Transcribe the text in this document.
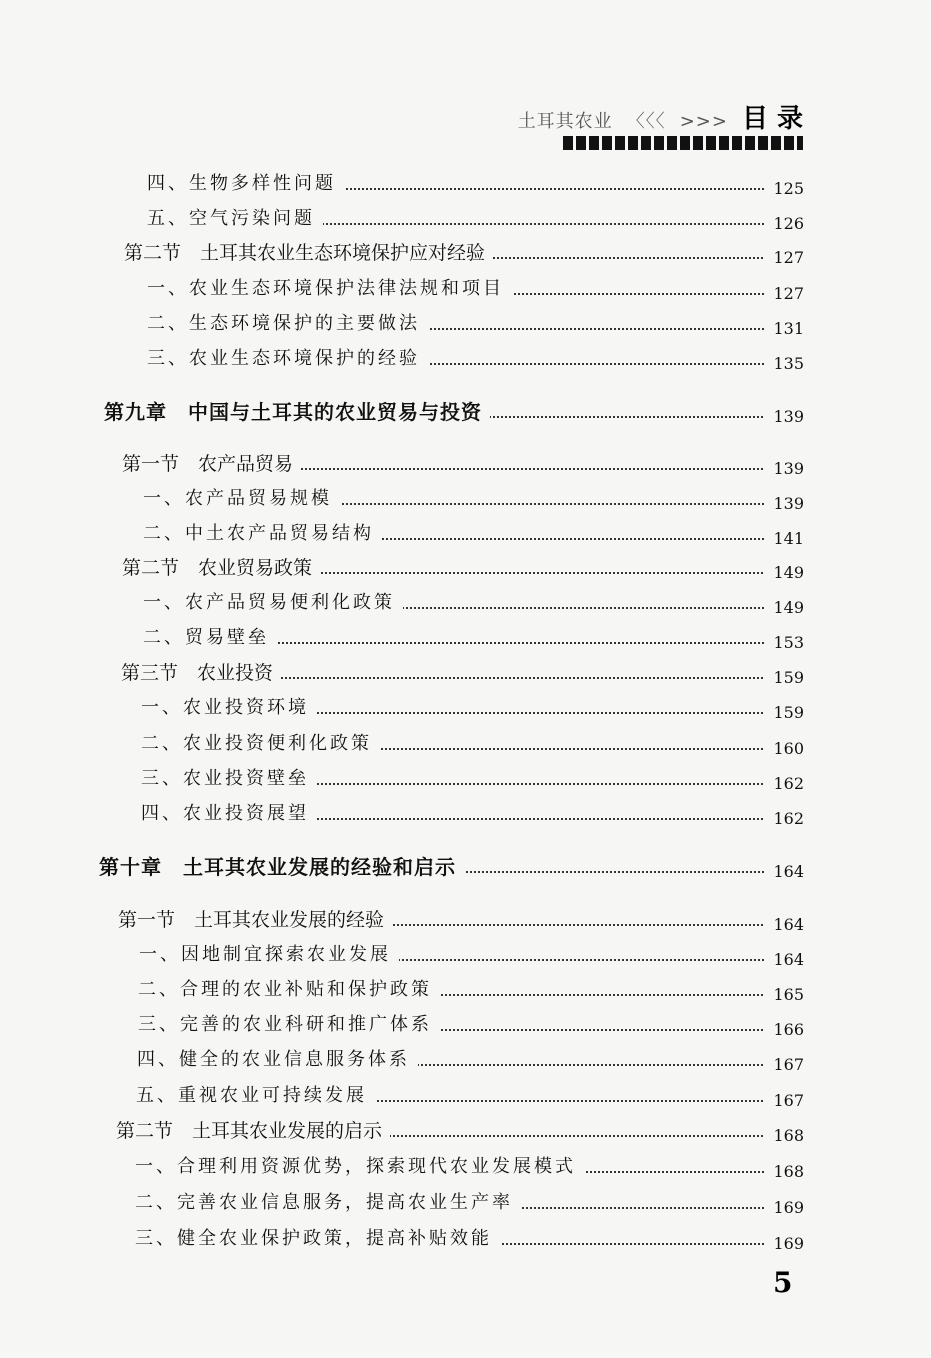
土耳其农业 〈〈〈 >>> 目 录
四、生物多样性问题	125
五、空气污染问题	126
第二节　土耳其农业生态环境保护应对经验	127
一、农业生态环境保护法律法规和项目	127
二、生态环境保护的主要做法	131
三、农业生态环境保护的经验	135
第九章　中国与土耳其的农业贸易与投资	139
第一节　农产品贸易	139
一、农产品贸易规模	139
二、中土农产品贸易结构	141
第二节　农业贸易政策	149
一、农产品贸易便利化政策	149
二、贸易壁垒	153
第三节　农业投资	159
一、农业投资环境	159
二、农业投资便利化政策	160
三、农业投资壁垒	162
四、农业投资展望	162
第十章　土耳其农业发展的经验和启示	164
第一节　土耳其农业发展的经验	164
一、因地制宜探索农业发展	164
二、合理的农业补贴和保护政策	165
三、完善的农业科研和推广体系	166
四、健全的农业信息服务体系	167
五、重视农业可持续发展	167
第二节　土耳其农业发展的启示	168
一、合理利用资源优势，探索现代农业发展模式	168
二、完善农业信息服务，提高农业生产率	169
三、健全农业保护政策，提高补贴效能	169
5
